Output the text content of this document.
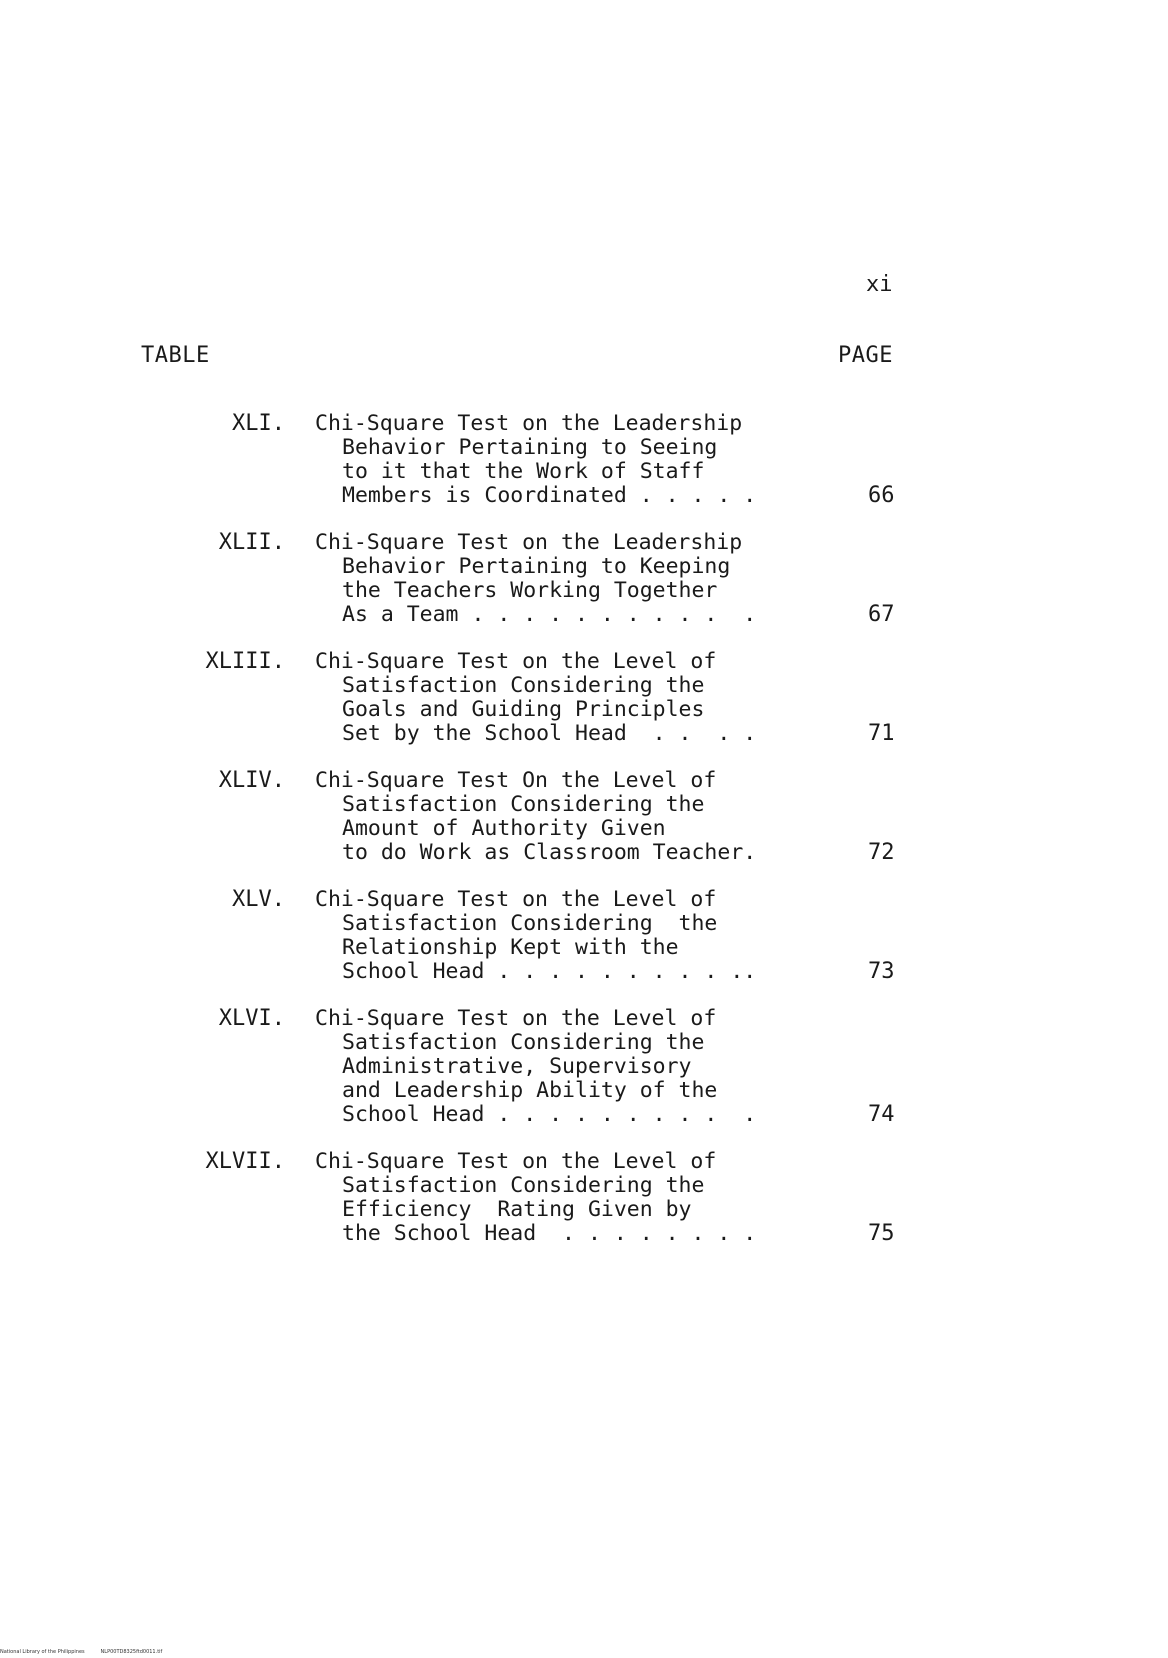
xi
TABLE	PAGE
XLI. Chi-Square Test on the Leadership
Behavior Pertaining to Seeing
to it that the Work of Staff
Members is Coordinated . . . . .	66
XLII. Chi-Square Test on the Leadership
Behavior Pertaining to Keeping
the Teachers Working Together
As a Team . . . . . . . . . .  .	67
XLIII. Chi-Square Test on the Level of
Satisfaction Considering the
Goals and Guiding Principles
Set by the School Head  . .  . .	71
XLIV. Chi-Square Test On the Level of
Satisfaction Considering the
Amount of Authority Given
to do Work as Classroom Teacher.	72
XLV. Chi-Square Test on the Level of
Satisfaction Considering  the
Relationship Kept with the
School Head . . . . . . . . . ..	73
XLVI. Chi-Square Test on the Level of
Satisfaction Considering the
Administrative, Supervisory
and Leadership Ability of the
School Head . . . . . . . . .  .	74
XLVII. Chi-Square Test on the Level of
Satisfaction Considering the
Efficiency  Rating Given by
the School Head  . . . . . . . .	75
National Library of the Philippines	NLP00TD8325ftd0011.tif
